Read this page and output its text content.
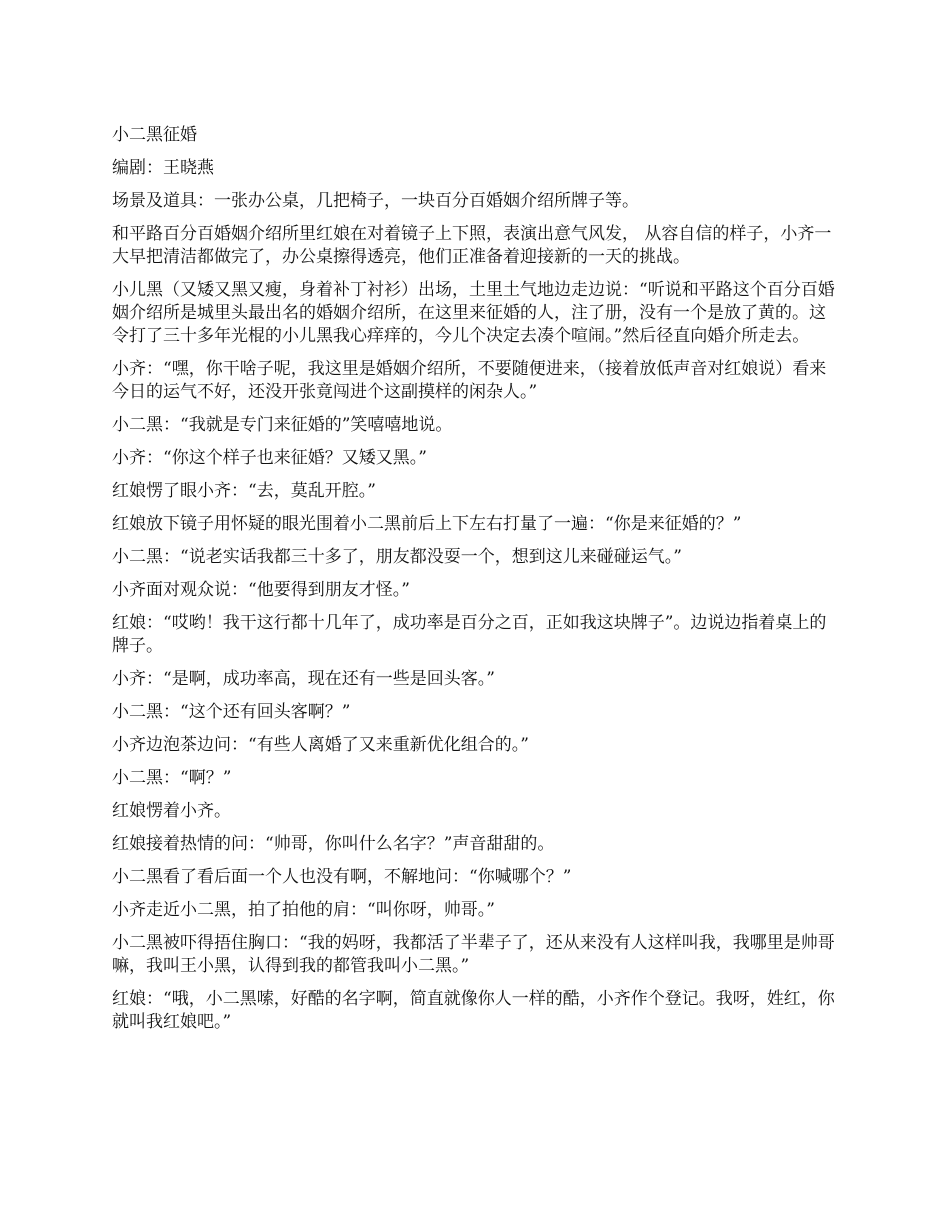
小二黑征婚

编剧：王晓燕

场景及道具：一张办公桌，几把椅子，一块百分百婚姻介绍所牌子等。

和平路百分百婚姻介绍所里红娘在对着镜子上下照，表演出意气风发， 从容自信的样子，小齐一大早把清洁都做完了，办公桌擦得透亮，他们正准备着迎接新的一天的挑战。

小儿黑（又矮又黑又瘦，身着补丁衬衫）出场，土里土气地边走边说：“听说和平路这个百分百婚姻介绍所是城里头最出名的婚姻介绍所，在这里来征婚的人，注了册，没有一个是放了黄的。这令打了三十多年光棍的小儿黑我心痒痒的，今儿个决定去凑个喧闹。”然后径直向婚介所走去。

小齐：“嘿，你干啥子呢，我这里是婚姻介绍所，不要随便进来，（接着放低声音对红娘说）看来今日的运气不好，还没开张竟闯进个这副摸样的闲杂人。”

小二黑：“我就是专门来征婚的”笑嘻嘻地说。

小齐：“你这个样子也来征婚？又矮又黑。”

红娘愣了眼小齐：“去，莫乱开腔。”

红娘放下镜子用怀疑的眼光围着小二黑前后上下左右打量了一遍：“你是来征婚的？”

小二黑：“说老实话我都三十多了，朋友都没耍一个，想到这儿来碰碰运气。”

小齐面对观众说：“他要得到朋友才怪。”

红娘：“哎哟！我干这行都十几年了，成功率是百分之百，正如我这块牌子”。边说边指着桌上的牌子。

小齐：“是啊，成功率高，现在还有一些是回头客。”

小二黑：“这个还有回头客啊？”

小齐边泡茶边问：“有些人离婚了又来重新优化组合的。”

小二黑：“啊？”

红娘愣着小齐。

红娘接着热情的问：“帅哥，你叫什么名字？”声音甜甜的。

小二黑看了看后面一个人也没有啊，不解地问：“你喊哪个？”

小齐走近小二黑，拍了拍他的肩：“叫你呀，帅哥。”

小二黑被吓得捂住胸口：“我的妈呀，我都活了半辈子了，还从来没有人这样叫我，我哪里是帅哥嘛，我叫王小黑，认得到我的都管我叫小二黑。”

红娘：“哦，小二黑嗦，好酷的名字啊，简直就像你人一样的酷，小齐作个登记。我呀，姓红，你就叫我红娘吧。”
